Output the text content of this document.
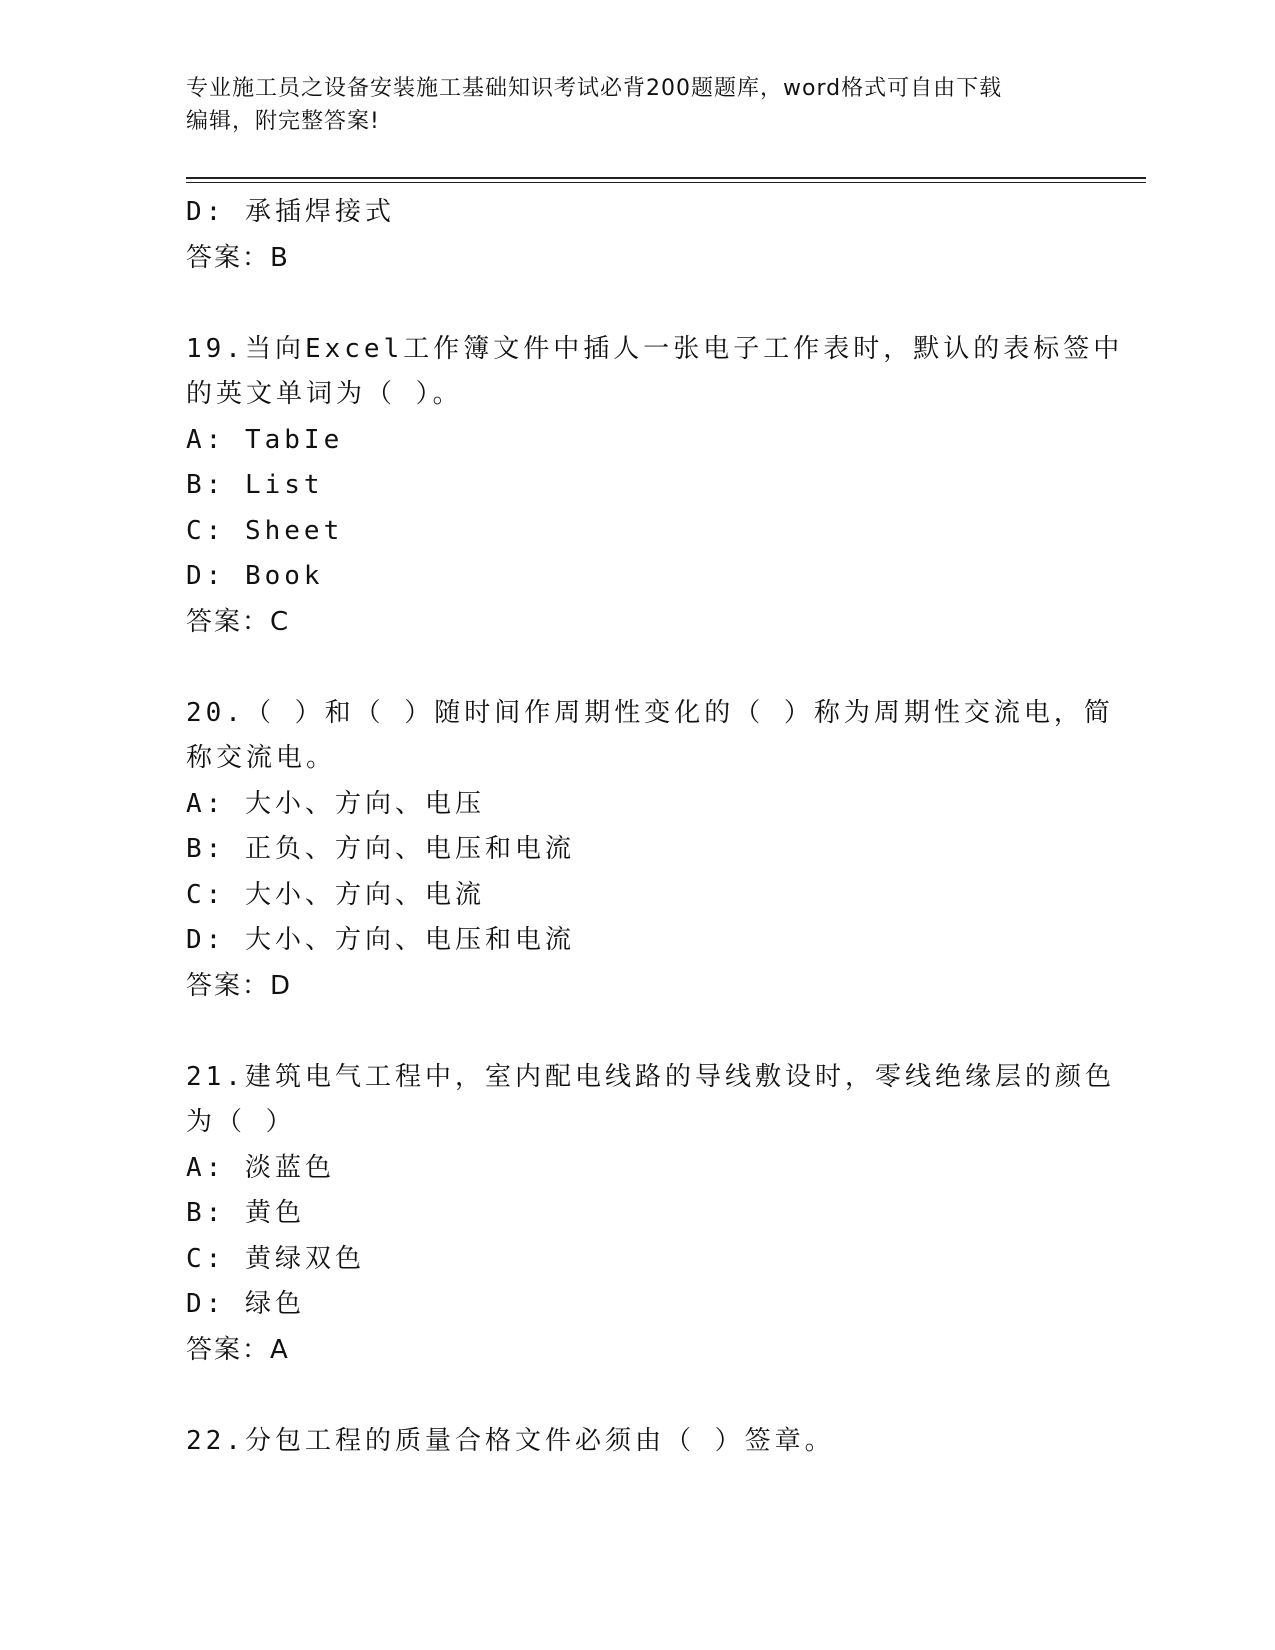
专业施工员之设备安装施工基础知识考试必背200题题库，word格式可自由下载
编辑，附完整答案!
D: 承插焊接式
答案：B
19.当向Excel工作簿文件中插人一张电子工作表时，默认的表标签中
的英文单词为（ ）。
A: TabIe
B: List
C: Sheet
D: Book
答案：C
20.（ ）和（ ）随时间作周期性变化的（ ）称为周期性交流电，简
称交流电。
A: 大小、方向、电压
B: 正负、方向、电压和电流
C: 大小、方向、电流
D: 大小、方向、电压和电流
答案：D
21.建筑电气工程中，室内配电线路的导线敷设时，零线绝缘层的颜色
为（ ）
A: 淡蓝色
B: 黄色
C: 黄绿双色
D: 绿色
答案：A
22.分包工程的质量合格文件必须由（ ）签章。
